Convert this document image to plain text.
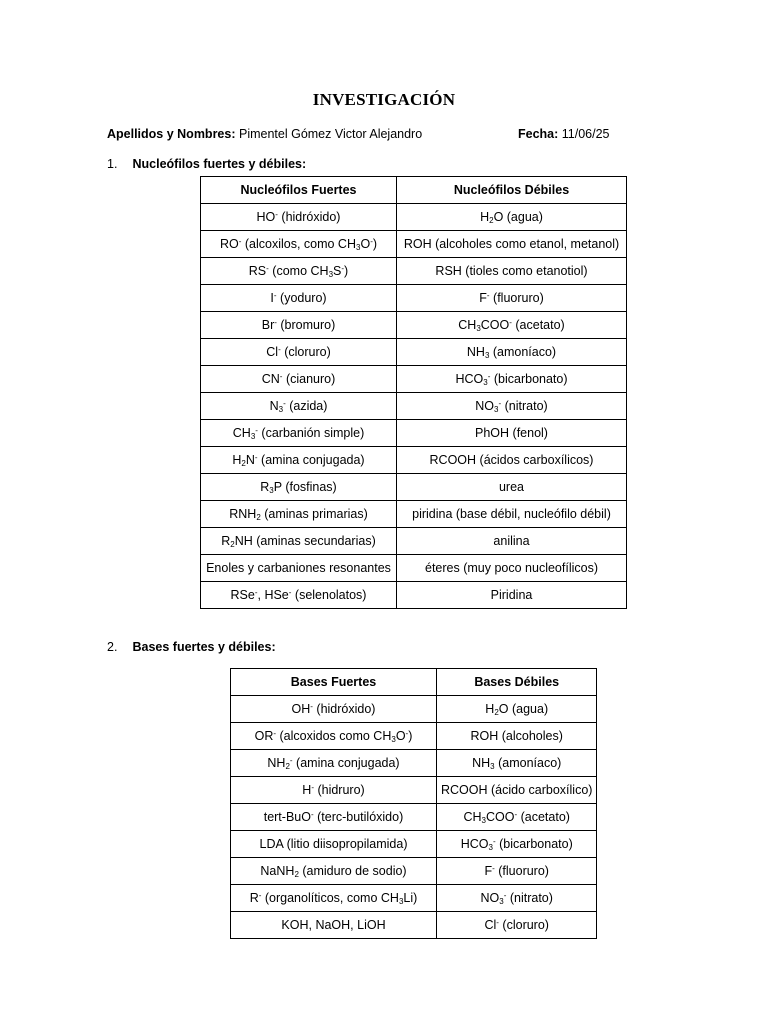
INVESTIGACIÓN
Apellidos y Nombres: Pimentel Gómez Victor Alejandro	Fecha: 11/06/25
1. Nucleófilos fuertes y débiles:
Nucleófilos Fuertes	Nucleófilos Débiles
HO- (hidróxido)	$H_2O$ (agua)
RO- (alcoxilos, como $CH_3O^-$)	ROH (alcoholes como etanol, metanol)
RS- (como $CH_3S^-$)	RSH (tioles como etanotiol)
I- (yoduro)	F- (fluoruro)
Br- (bromuro)	$CH_3COO^-$ (acetato)
Cl- (cloruro)	$NH_3$ (amoníaco)
CN- (cianuro)	$HCO_3^-$ (bicarbonato)
$N_3^-$ (azida)	$NO_3^-$ (nitrato)
$CH_3^-$ (carbanión simple)	PhOH (fenol)
$H_2N^-$ (amina conjugada)	RCOOH (ácidos carboxílicos)
$R_3P$ (fosfinas)	urea
$RNH_2$ (aminas primarias)	piridina (base débil, nucleófilo débil)
$R_2NH$ (aminas secundarias)	anilina
Enoles y carbaniones resonantes	éteres (muy poco nucleofílicos)
RSe-, HSe- (selenolatos)	Piridina
2. Bases fuertes y débiles:
Bases Fuertes	Bases Débiles
OH- (hidróxido)	$H_2O$ (agua)
OR- (alcoxidos como $CH_3O^-$)	ROH (alcoholes)
$NH_2^-$ (amina conjugada)	$NH_3$ (amoníaco)
H- (hidruro)	RCOOH (ácido carboxílico)
tert-BuO- (terc-butilóxido)	$CH_3COO^-$ (acetato)
LDA (litio diisopropilamida)	$HCO_3^-$ (bicarbonato)
NaNH$_2$ (amiduro de sodio)	F- (fluoruro)
R- (organolíticos, como $CH_3Li$)	$NO_3^-$ (nitrato)
KOH, NaOH, LiOH	Cl- (cloruro)
